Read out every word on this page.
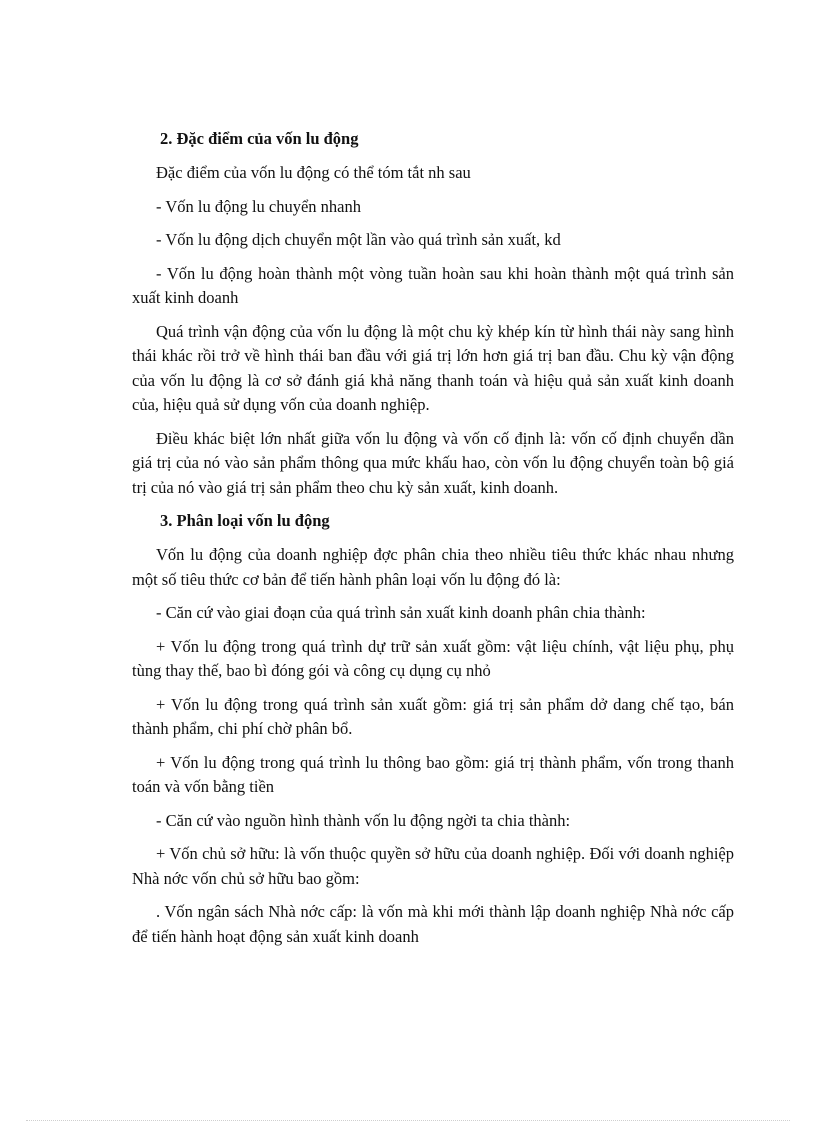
2. Đặc điểm của vốn lu động

Đặc điểm của vốn lu động có thể tóm tắt nh sau

- Vốn lu động lu chuyển nhanh

- Vốn lu động dịch chuyển một lần vào quá trình sản xuất, kd

- Vốn lu động hoàn thành một vòng tuần hoàn sau khi hoàn thành một quá trình sản xuất kinh doanh

Quá trình vận động của vốn lu động là một chu kỳ khép kín từ hình thái này sang hình thái khác rồi trở về hình thái ban đầu với giá trị lớn hơn giá trị ban đầu. Chu kỳ vận động của vốn lu động là cơ sở đánh giá khả năng thanh toán và hiệu quả sản xuất kinh doanh của, hiệu quả sử dụng vốn của doanh nghiệp.

Điều khác biệt lớn nhất giữa vốn lu động và vốn cố định là: vốn cố định chuyển dần giá trị của nó vào sản phẩm thông qua mức khấu hao, còn vốn lu động chuyển toàn bộ giá trị của nó vào giá trị sản phẩm theo chu kỳ sản xuất, kinh doanh.

3. Phân loại vốn lu động

Vốn lu động của doanh nghiệp đợc phân chia theo nhiều tiêu thức khác nhau nhưng một số tiêu thức cơ bản để tiến hành phân loại vốn lu động đó là:

- Căn cứ vào giai đoạn của quá trình sản xuất kinh doanh phân chia thành:

+ Vốn lu động trong quá trình dự trữ sản xuất gồm: vật liệu chính, vật liệu phụ, phụ tùng thay thế, bao bì đóng gói và công cụ dụng cụ nhỏ

+ Vốn lu động trong quá trình sản xuất gồm: giá trị sản phẩm dở dang chế tạo, bán thành phẩm, chi phí chờ phân bổ.

+ Vốn lu động trong quá trình lu thông bao gồm: giá trị thành phẩm, vốn trong thanh toán và vốn bằng tiền

- Căn cứ vào nguồn hình thành vốn lu động ngời ta chia thành:

+ Vốn chủ sở hữu: là vốn thuộc quyền sở hữu của doanh nghiệp. Đối với doanh nghiệp Nhà nớc vốn chủ sở hữu bao gồm:

. Vốn ngân sách Nhà nớc cấp: là vốn mà khi mới thành lập doanh nghiệp Nhà nớc cấp để tiến hành hoạt động sản xuất kinh doanh
